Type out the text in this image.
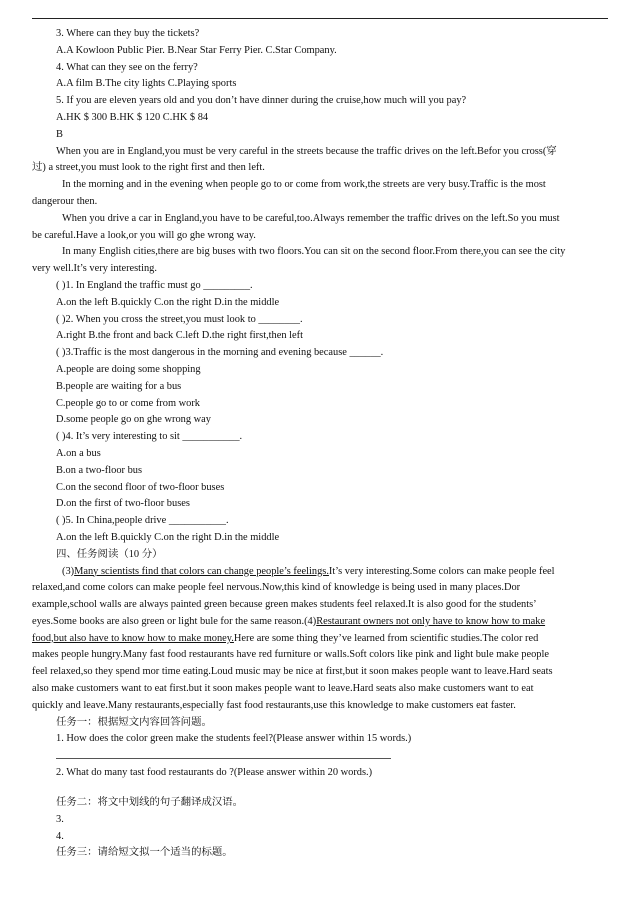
3. Where can they buy the tickets?
A.A Kowloon Public Pier. B.Near Star Ferry Pier. C.Star Company.
4. What can they see on the ferry?
A.A film B.The city lights C.Playing sports
5. If you are eleven years old and you don’t have dinner during the cruise,how much will you pay?
A.HK $ 300 B.HK $ 120 C.HK $ 84
B
When you are in England,you must be very careful in the streets because the traffic drives on the left.Befor you cross(穿
过) a street,you must look to the right first and then left.
In the morning and in the evening when people go to or come from work,the streets are very busy.Traffic is the most
dangerour then.
When you drive a car in England,you have to be careful,too.Always remember the traffic drives on the left.So you must
be careful.Have a look,or you will go ghe wrong way.
In many English cities,there are big buses with two floors.You can sit on the second floor.From there,you can see the city
very well.It’s very interesting.
( )1. In England the traffic must go _________.
A.on the left B.quickly C.on the right D.in the middle
( )2. When you cross the street,you must look to ________.
A.right B.the front and back C.left D.the right first,then left
( )3.Traffic is the most dangerous in the morning and evening because ______.
A.people are doing some shopping
B.people are waiting for a bus
C.people go to or come from work
D.some people go on ghe wrong way
( )4. It’s very interesting to sit ___________.
A.on a bus
B.on a two-floor bus
C.on the second floor of two-floor buses
D.on the first of two-floor buses
( )5. In China,people drive ___________.
A.on the left B.quickly C.on the right D.in the middle
四、任务阅读（10 分）
(3)Many scientists find that colors can change people’s feelings.It’s very interesting.Some colors can make people feel
relaxed,and come colors can make people feel nervous.Now,this kind of knowledge is being used in many places.Dor
example,school walls are always painted green because green makes students feel relaxed.It is also good for the students’
eyes.Some books are also green or light bule for the same reason.(4)Restaurant owners not only have to know how to make
food,but also have to know how to make money.Here are some thing they’ve learned from scientific studies.The color red
makes people hungry.Many fast food restaurants have red furniture or walls.Soft colors like pink and light bule make people
feel relaxed,so they spend mor time eating.Loud music may be nice at first,but it soon makes people want to leave.Hard seats
also make customers want to eat first.but it soon makes people want to leave.Hard seats also make customers want to eat
quickly and leave.Many restaurants,especially fast food restaurants,use this knowledge to make customers eat faster.
任务一：根据短文内容回答问题。
1. How does the color green make the students feel?(Please answer within 15 words.)
2. What do many tast food restaurants do ?(Please answer within 20 words.)
任务二：将文中划线的句子翻译成汉语。
3.
4.
任务三：请给短文拟一个适当的标题。
